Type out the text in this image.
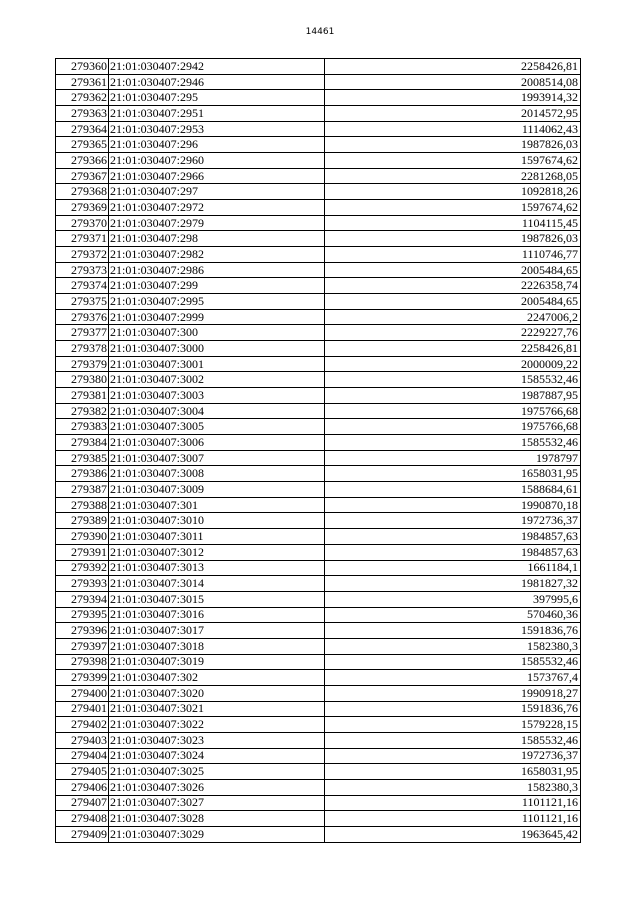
14461
279360	21:01:030407:2942	2258426,81
279361	21:01:030407:2946	2008514,08
279362	21:01:030407:295	1993914,32
279363	21:01:030407:2951	2014572,95
279364	21:01:030407:2953	1114062,43
279365	21:01:030407:296	1987826,03
279366	21:01:030407:2960	1597674,62
279367	21:01:030407:2966	2281268,05
279368	21:01:030407:297	1092818,26
279369	21:01:030407:2972	1597674,62
279370	21:01:030407:2979	1104115,45
279371	21:01:030407:298	1987826,03
279372	21:01:030407:2982	1110746,77
279373	21:01:030407:2986	2005484,65
279374	21:01:030407:299	2226358,74
279375	21:01:030407:2995	2005484,65
279376	21:01:030407:2999	2247006,2
279377	21:01:030407:300	2229227,76
279378	21:01:030407:3000	2258426,81
279379	21:01:030407:3001	2000009,22
279380	21:01:030407:3002	1585532,46
279381	21:01:030407:3003	1987887,95
279382	21:01:030407:3004	1975766,68
279383	21:01:030407:3005	1975766,68
279384	21:01:030407:3006	1585532,46
279385	21:01:030407:3007	1978797
279386	21:01:030407:3008	1658031,95
279387	21:01:030407:3009	1588684,61
279388	21:01:030407:301	1990870,18
279389	21:01:030407:3010	1972736,37
279390	21:01:030407:3011	1984857,63
279391	21:01:030407:3012	1984857,63
279392	21:01:030407:3013	1661184,1
279393	21:01:030407:3014	1981827,32
279394	21:01:030407:3015	397995,6
279395	21:01:030407:3016	570460,36
279396	21:01:030407:3017	1591836,76
279397	21:01:030407:3018	1582380,3
279398	21:01:030407:3019	1585532,46
279399	21:01:030407:302	1573767,4
279400	21:01:030407:3020	1990918,27
279401	21:01:030407:3021	1591836,76
279402	21:01:030407:3022	1579228,15
279403	21:01:030407:3023	1585532,46
279404	21:01:030407:3024	1972736,37
279405	21:01:030407:3025	1658031,95
279406	21:01:030407:3026	1582380,3
279407	21:01:030407:3027	1101121,16
279408	21:01:030407:3028	1101121,16
279409	21:01:030407:3029	1963645,42
